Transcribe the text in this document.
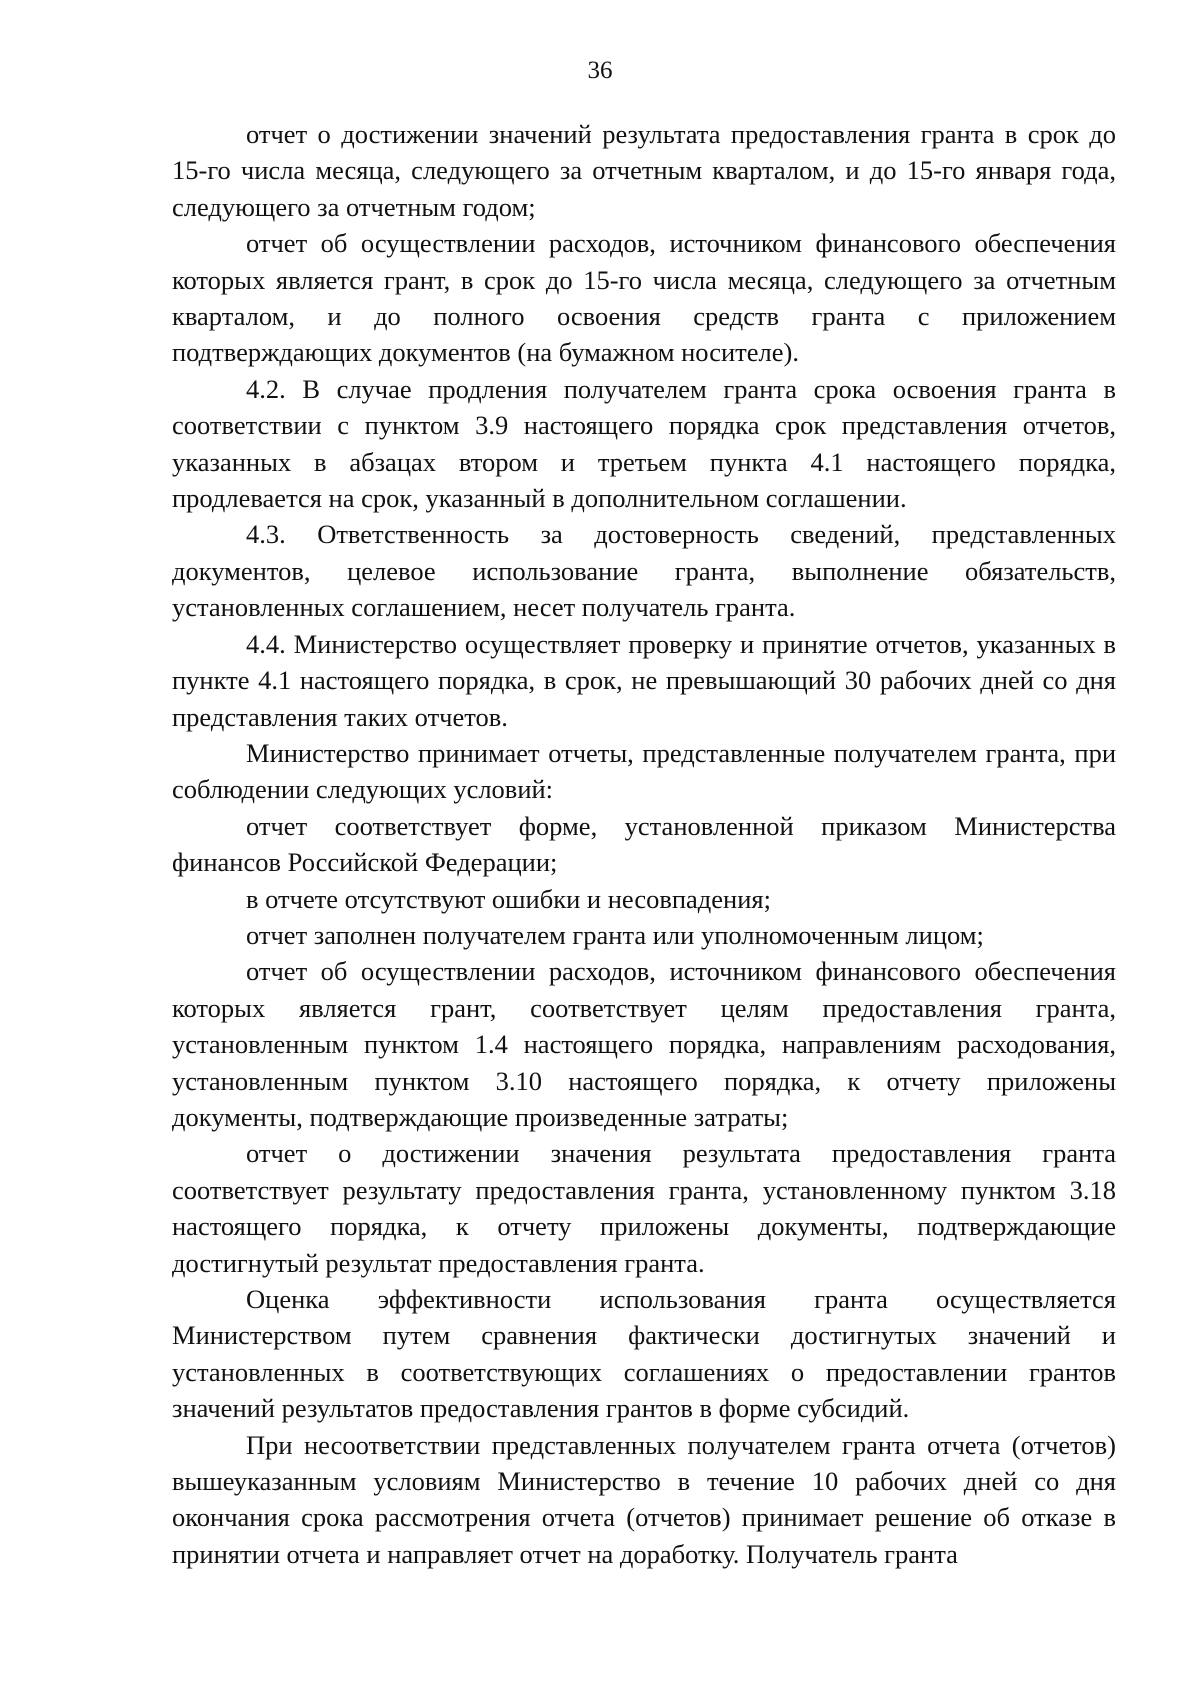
36

отчет о достижении значений результата предоставления гранта в срок до 15-го числа месяца, следующего за отчетным кварталом, и до 15-го января года, следующего за отчетным годом;

отчет об осуществлении расходов, источником финансового обеспечения которых является грант, в срок до 15-го числа месяца, следующего за отчетным кварталом, и до полного освоения средств гранта с приложением подтверждающих документов (на бумажном носителе).

4.2. В случае продления получателем гранта срока освоения гранта в соответствии с пунктом 3.9 настоящего порядка срок представления отчетов, указанных в абзацах втором и третьем пункта 4.1 настоящего порядка, продлевается на срок, указанный в дополнительном соглашении.

4.3. Ответственность за достоверность сведений, представленных документов, целевое использование гранта, выполнение обязательств, установленных соглашением, несет получатель гранта.

4.4. Министерство осуществляет проверку и принятие отчетов, указанных в пункте 4.1 настоящего порядка, в срок, не превышающий 30 рабочих дней со дня представления таких отчетов.

Министерство принимает отчеты, представленные получателем гранта, при соблюдении следующих условий:

отчет соответствует форме, установленной приказом Министерства финансов Российской Федерации;

в отчете отсутствуют ошибки и несовпадения;

отчет заполнен получателем гранта или уполномоченным лицом;

отчет об осуществлении расходов, источником финансового обеспечения которых является грант, соответствует целям предоставления гранта, установленным пунктом 1.4 настоящего порядка, направлениям расходования, установленным пунктом 3.10 настоящего порядка, к отчету приложены документы, подтверждающие произведенные затраты;

отчет о достижении значения результата предоставления гранта соответствует результату предоставления гранта, установленному пунктом 3.18 настоящего порядка, к отчету приложены документы, подтверждающие достигнутый результат предоставления гранта.

Оценка эффективности использования гранта осуществляется Министерством путем сравнения фактически достигнутых значений и установленных в соответствующих соглашениях о предоставлении грантов значений результатов предоставления грантов в форме субсидий.

При несоответствии представленных получателем гранта отчета (отчетов) вышеуказанным условиям Министерство в течение 10 рабочих дней со дня окончания срока рассмотрения отчета (отчетов) принимает решение об отказе в принятии отчета и направляет отчет на доработку. Получатель гранта
